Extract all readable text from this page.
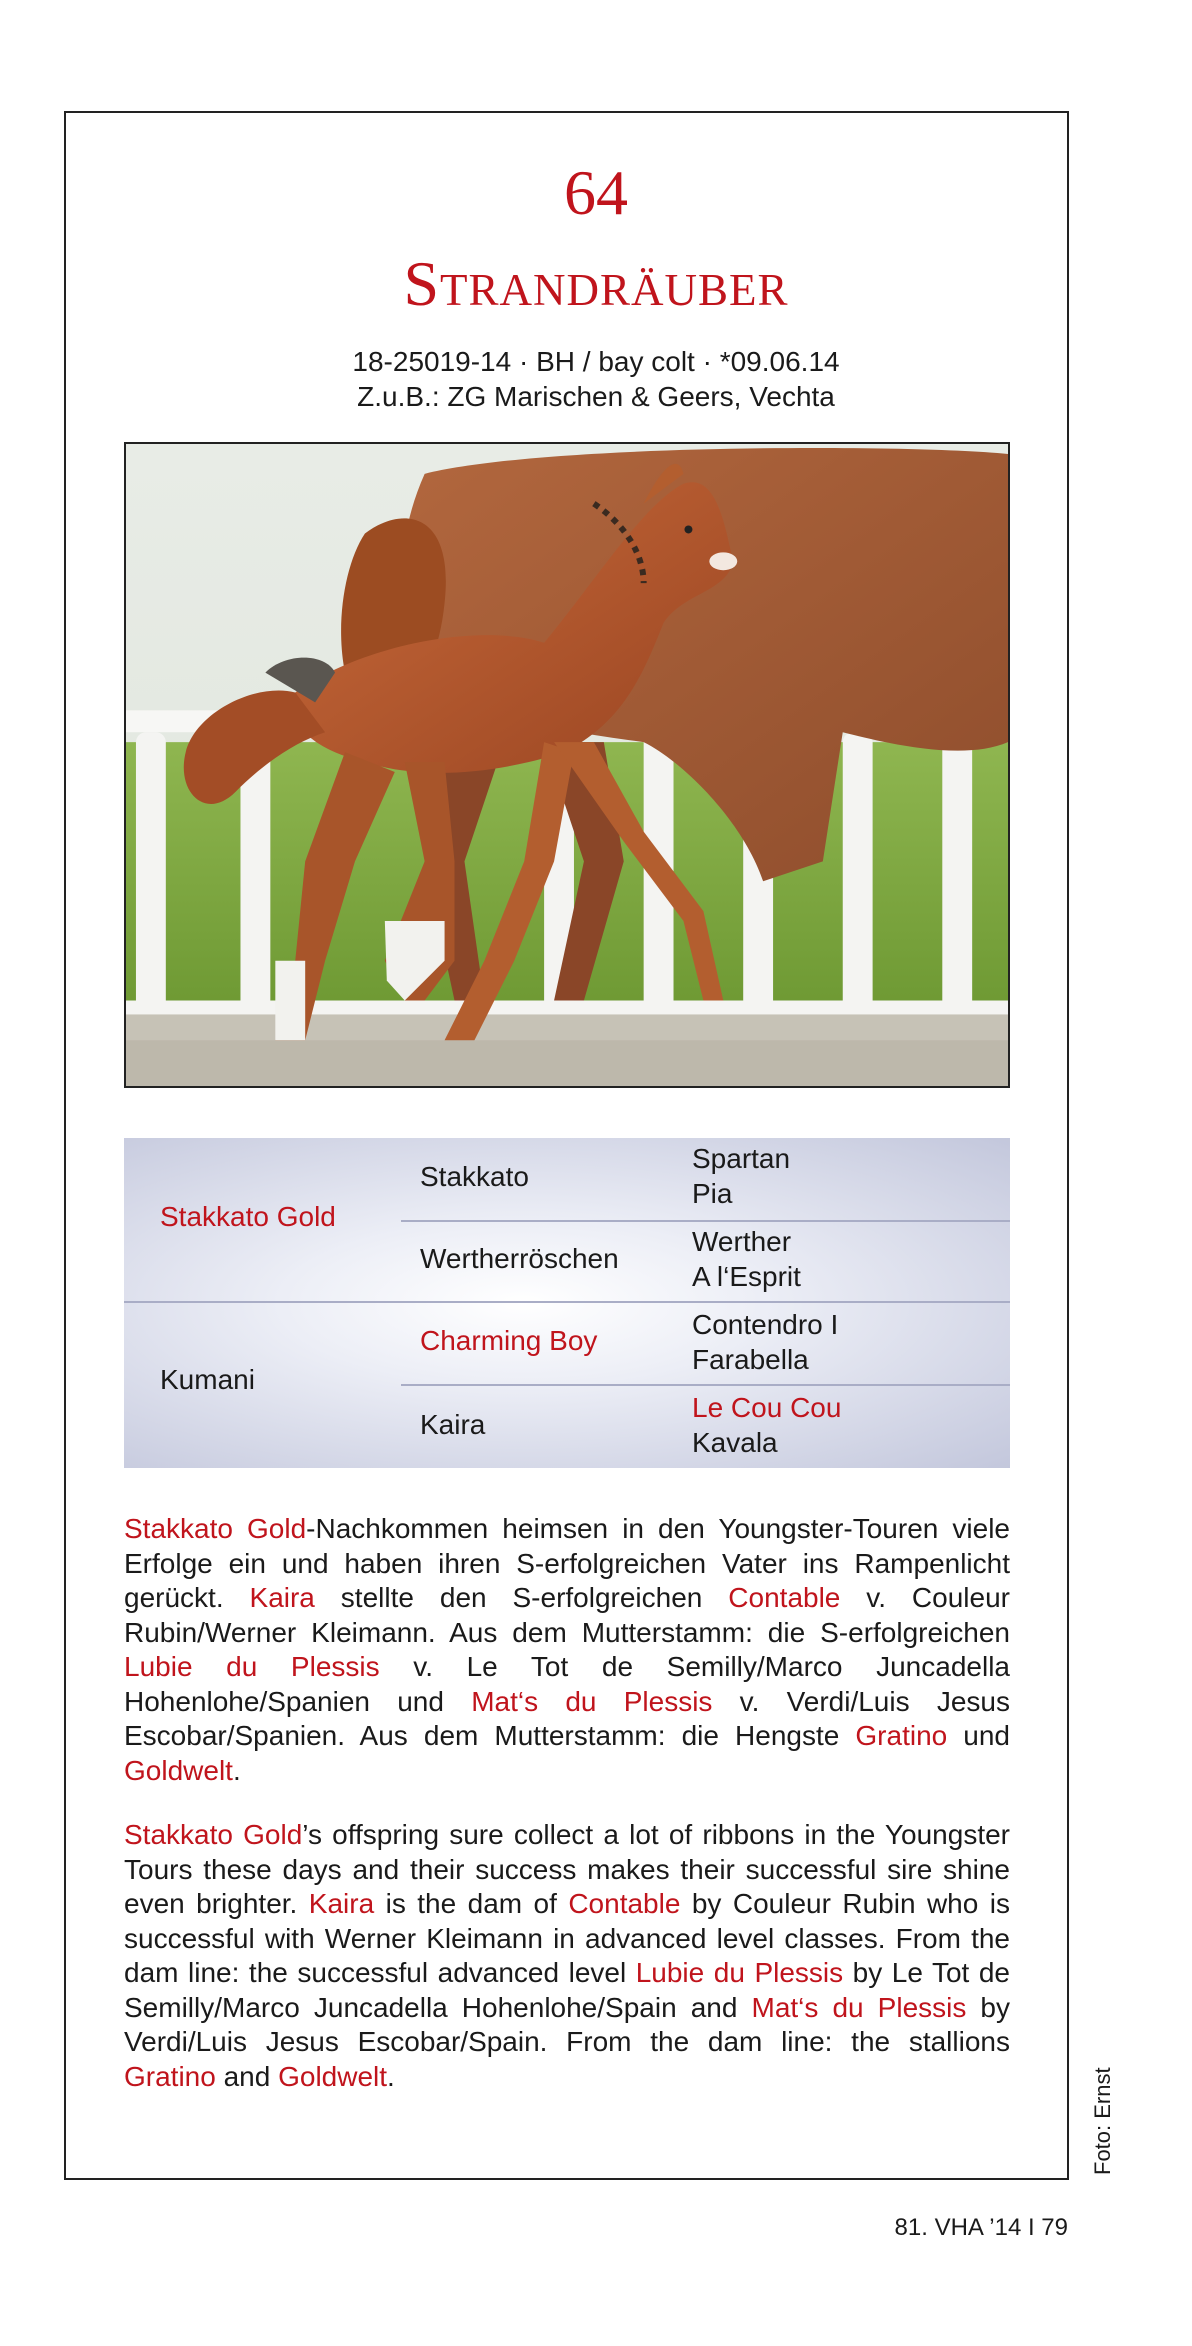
64
Strandräuber
18-25019-14 · BH / bay colt · *09.06.14
Z.u.B.: ZG Marischen & Geers, Vechta
Stakkato Gold
Kumani
Stakkato
Wertherröschen
Charming Boy
Kaira
Spartan
Pia
Werther
A l‘Esprit
Contendro I
Farabella
Le Cou Cou
Kavala

Stakkato Gold-Nachkommen heimsen in den Youngster-Touren viele Erfolge ein und haben ihren S-erfolgreichen Vater ins Rampenlicht gerückt. Kaira stellte den S-erfolgreichen Contable v. Couleur Rubin/Werner Kleimann. Aus dem Mutterstamm: die S-erfolgreichen Lubie du Plessis v. Le Tot de Semilly/Marco Juncadella Hohenlohe/Spanien und Mat‘s du Plessis v. Verdi/Luis Jesus Escobar/Spanien. Aus dem Mutterstamm: die Hengste Gratino und Goldwelt.

Stakkato Gold’s offspring sure collect a lot of ribbons in the Youngster Tours these days and their success makes their successful sire shine even brighter. Kaira is the dam of Contable by Couleur Rubin who is successful with Werner Kleimann in advanced level classes. From the dam line: the successful advanced level Lubie du Plessis by Le Tot de Semilly/Marco Juncadella Hohenlohe/Spain and Mat‘s du Plessis by Verdi/Luis Jesus Escobar/Spain. From the dam line: the stallions Gratino and Goldwelt.	Foto: Ernst
81. VHA ’14 I 79
